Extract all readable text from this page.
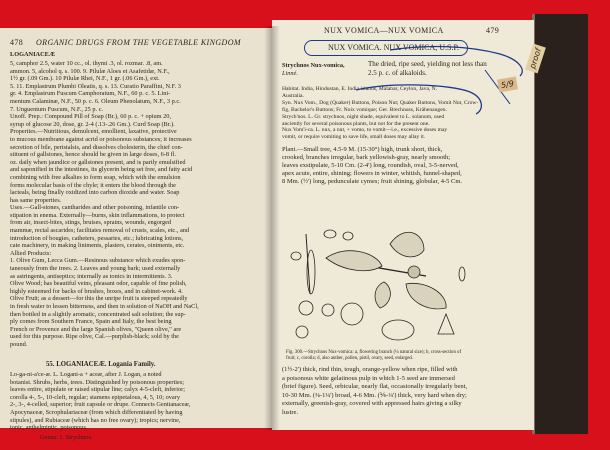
478 ORGANIC DRUGS FROM THE VEGETABLE KINGDOM
LOGANIACEÆ
5, camphor 2.5, water 10 cc., ol. thymi .3, ol. rozmar. .8, am.
ammon. 5, alcohol q. s. 100. 9. Pilulæ Aloes et Asafetidæ, N.F.,
1½ gr. (.09 Gm.). 10 Pilulæ Rhei, N.F., 1 gr. (.06 Gm.), ext.
5. 11. Emplastrum Plumbi Oleatis, q. s. 13. Curatio Paraffini, N.F. 3
gr. 4. Emplastrum Fuscum Camphoratum, N.F., 60 p. c. 5. Lini-
mentum Calaminæ, N.F., 50 p. c. 6. Oleum Phenolatum, N.F., 3 p.c.
7. Unguentum Fuscum, N.F., 25 p. c.
Unoff. Prep.: Compound Pill of Soap (Br.), 60 p. c. + opium 20,
syrup of glucose 20, dose, gr. 2-4 (.13-.26 Gm.). Curd Soap (Br.).
Properties.—Nutritious, demulcent, emollient, laxative, protective
to mucous membrane against acrid or poisonous substances; it increases
secretion of bile, peristalsis, and dissolves cholesterin, the chief con-
stituent of gallstones, hence should be given in large doses, 6-8 fl.
oz. daily when jaundice or gallstones present, and is partly emulsified
and saponified in the intestines, its glycerin being set free, and fatty acid
combining with free alkalies to form soap, which with the emulsion
forms molecular basis of the chyle; it enters the blood through the
lacteals, being finally oxidized into carbon dioxide and water. Soap
has same properties.
Uses.—Gall-stones, cantharides and other poisoning, infantile con-
stipation in enema. Externally—burns, skin inflammations, to protect
from air, insect-bites, stings, bruises, sprains, wounds, engorged
mammæ, rectal ascarides; facilitates removal of crusts, scales, etc., and
introduction of bougies, catheters, pessaries, etc.; lubricating lotions,
cate machinery, in making liniments, plasters, cerates, ointments, etc.
Allied Products:
1. Olive Gum, Lecca Gum.—Resinous substance which exudes spon-
taneously from the trees. 2. Leaves and young bark; used externally
as astringents, antiseptics; internally as tonics in intermittents. 3.
Olive Wood; has beautiful veins, pleasant odor, capable of fine polish,
highly esteemed for backs of brushes, boxes, and in cabinet-work. 4.
Olive Fruit; as a dessert—for this the unripe fruit is steeped repeatedly
in fresh water to lessen bitterness, and then in solution of NaOH and NaCl,
then bottled in a slightly aromatic, concentrated salt solution; the sup-
ply comes from Southern France, Spain and Italy, the best being
French or Provence and the large Spanish olives, "Queen olive," are
used for this purpose. Ripe olive, Cal.—purplish-black; sold by the
pound.
55. LOGANIACEÆ. Logania Family.
Lo-ga-ni-a'ce-æ. L. Logani-a + aceæ, after J. Logan, a noted
botanist. Shrubs, herbs, trees. Distinguished by poisonous properties;
leaves entire, stipulate or raised stipular line; calyx 4-5-cleft, inferior;
corolla 4-, 5-, 10-cleft, regular; stamens epipetalous, 4, 5, 10; ovary
2-, 3-, 4-celled, superior; fruit capsule or drupe. Connects Gentianaceæ,
Apocynaceæ, Scrophulariaceæ (from which differentiated by having
stipules), and Rubiaceæ (which has no free ovary); tropics; nervine,
tonic, anthelmintic, poisonous.
Genus: 1. Strychnos.
NUX VOMICA—NUX VOMICA	479
NUX VOMICA. NUX VOMICA, U.S.P.
Strychnos Nux-vomica,
Linné.
The dried, ripe seed, yielding not less than
2.5 p. c. of alkaloids.
Habitat. India, Hindustan, E. India islands, Malabar, Ceylon, Java, N.
Australia.
Syn. Nux Vom., Dog (Quaker) Buttons, Poison Nut; Quaker Buttons, Vomit Nut, Crow-
fig, Bachelor's Buttons; Fr. Noix vomique; Ger. Brechnuss, Krähenaugen.
Strych'nos. L. Gr. strychnos, night shade, equivalent to L. solanum, used
anciently for several poisonous plants, but not for the present one.
Nux Vom'i-ca. L. nux, a nut, + vomo, to vomit—i.e., excessive doses may
vomit, or require vomiting to save life, small doses may allay it.
Plant.—Small tree, 4.5-9 M. (15-30°) high, trunk short, thick,
crooked, branches irregular, bark yellowish-gray, nearly smooth;
leaves exstipulate, 5-10 Cm. (2-4') long, roundish, oval, 3-5-nerved,
apex acute, entire, shining; flowers in winter, whitish, funnel-shaped,
8 Mm. (½') long, pedunculate cymes; fruit shining, globular, 4-5 Cm.
Fig. 300.—Strychnos Nux-vomica: a, flowering branch (¼ natural size); b, cross-section of
fruit; c, corolla; d, also anther, pollen, pistil, ovary, seed, enlarged.
(1½-2') thick, rind thin, tough, orange-yellow when ripe, filled with
a poisonous white gelatinous pulp in which 1-5 seed are immersed
(brief figure). Seed, orbicular, nearly flat, occasionally irregularly bent,
10-30 Mm. (⅜-1¼') broad, 4-6 Mm. (⅙-¼') thick, very hard when dry;
externally, greenish-gray, covered with appressed hairs giving a silky
lustre.
5/9
proof
